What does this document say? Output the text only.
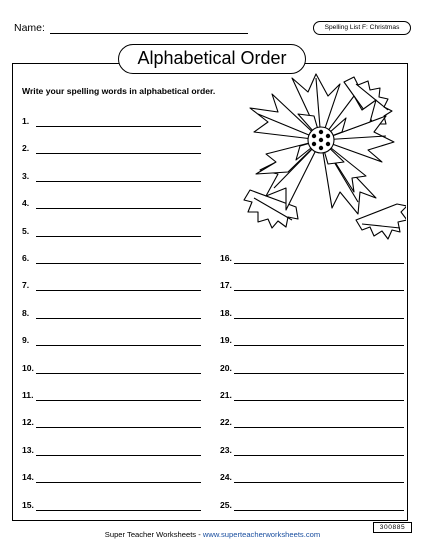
Name:	Spelling List F: Christmas
Alphabetical Order
Write your spelling words in alphabetical order.
1.
2.
3.
4.
5.
6.
7.
8.
9.
10.
11.
12.
13.
14.
15.
16.
17.
18.
19.
20.
21.
22.
23.
24.
25.
Super Teacher Worksheets - www.superteacherworksheets.com
300885
